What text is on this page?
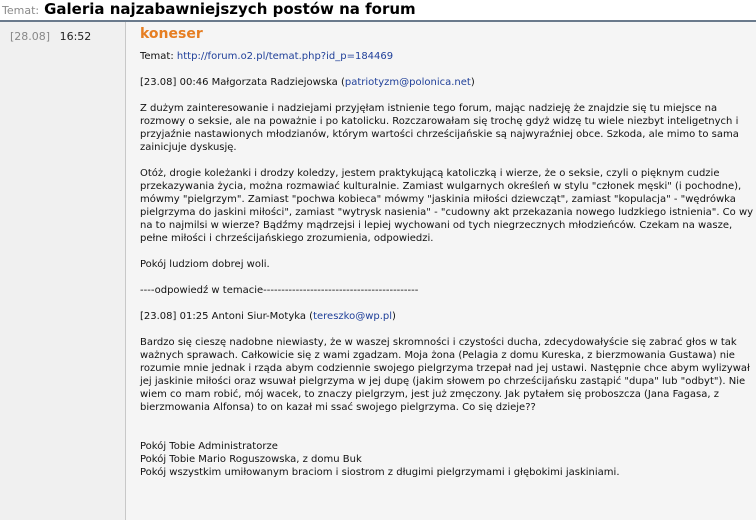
Temat: Galeria najzabawniejszych postów na forum
[28.08] 16:52	koneser

Temat: http://forum.o2.pl/temat.php?id_p=184469

[23.08] 00:46 Małgorzata Radziejowska (patriotyzm@polonica.net)

Z dużym zainteresowanie i nadziejami przyjęłam istnienie tego forum, mając nadzieję że znajdzie się tu miejsce na rozmowy o seksie, ale na poważnie i po katolicku. Rozczarowałam się trochę gdyż widzę tu wiele niezbyt inteligetnych i przyjaźnie nastawionych młodzianów, którym wartości chrześcijańskie są najwyraźniej obce. Szkoda, ale mimo to sama zainicjuje dyskusję.

Otóż, drogie koleżanki i drodzy koledzy, jestem praktykującą katoliczką i wierze, że o seksie, czyli o pięknym cudzie przekazywania życia, można rozmawiać kulturalnie. Zamiast wulgarnych określeń w stylu "członek męski" (i pochodne), mówmy "pielgrzym". Zamiast "pochwa kobieca" mówmy "jaskinia miłości dziewcząt", zamiast "kopulacja" - "wędrówka pielgrzyma do jaskini miłości", zamiast "wytrysk nasienia" - "cudowny akt przekazania nowego ludzkiego istnienia". Co wy na to najmilsi w wierze? Bądźmy mądrzejsi i lepiej wychowani od tych niegrzecznych młodzieńców. Czekam na wasze, pełne miłości i chrześcijańskiego zrozumienia, odpowiedzi.

Pokój ludziom dobrej woli.

----odpowiedź w temacie-------------------------------------------

[23.08] 01:25 Antoni Siur-Motyka (tereszko@wp.pl)

Bardzo się cieszę nadobne niewiasty, że w waszej skromności i czystości ducha, zdecydowałyście się zabrać głos w tak ważnych sprawach. Całkowicie się z wami zgadzam. Moja żona (Pelagia z domu Kureska, z bierzmowania Gustawa) nie rozumie mnie jednak i rząda abym codziennie swojego pielgrzyma trzepał nad jej ustawi. Następnie chce abym wylizywał jej jaskinie miłości oraz wsuwał pielgrzyma w jej dupę (jakim słowem po chrześcijańsku zastąpić "dupa" lub "odbyt"). Nie wiem co mam robić, mój wacek, to znaczy pielgrzym, jest już zmęczony. Jak pytałem się proboszcza (Jana Fagasa, z bierzmowania Alfonsa) to on kazał mi ssać swojego pielgrzyma. Co się dzieje??

Pokój Tobie Administratorze

Pokój Tobie Mario Roguszowska, z domu Buk

Pokój wszystkim umiłowanym braciom i siostrom z długimi pielgrzymami i głębokimi jaskiniami.
